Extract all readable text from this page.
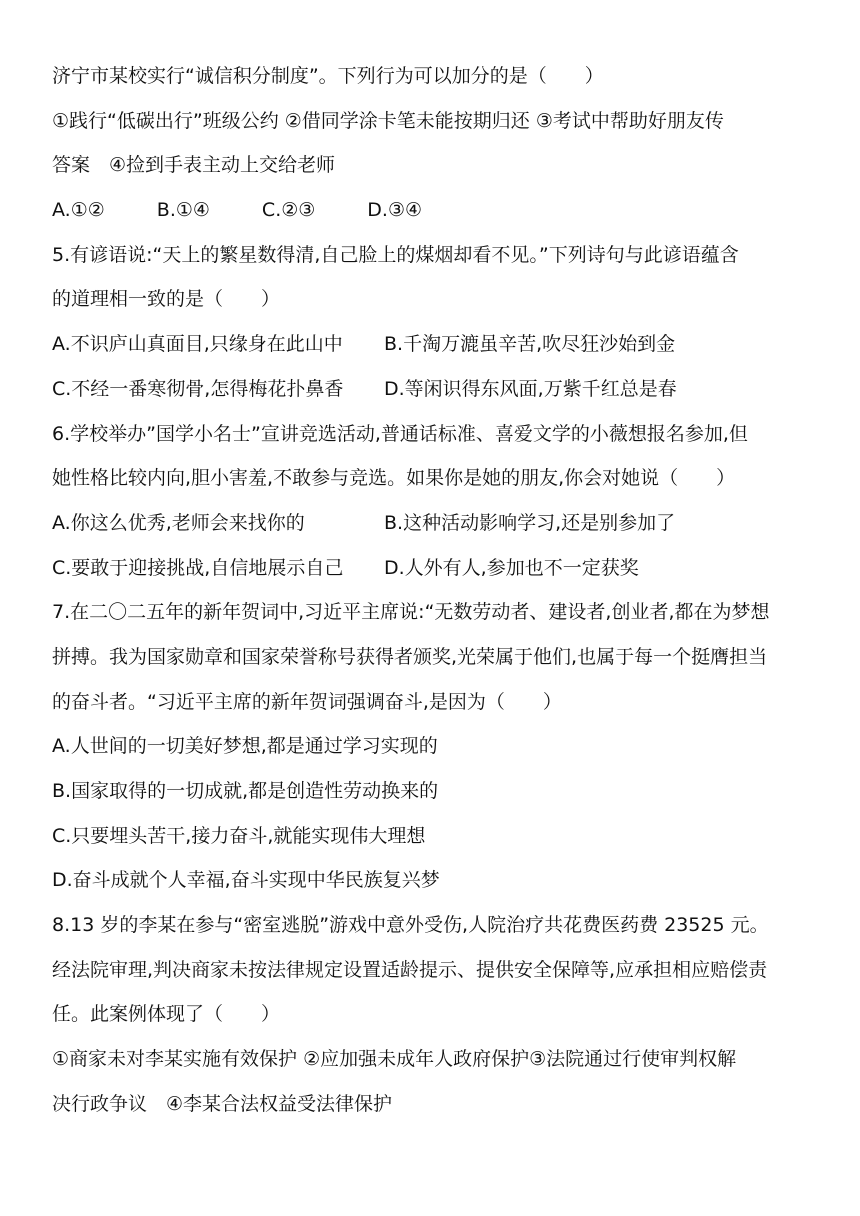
济宁市某校实行“诚信积分制度”。下列行为可以加分的是（　　）
①践行“低碳出行”班级公约 ②借同学涂卡笔未能按期归还 ③考试中帮助好朋友传
答案　④捡到手表主动上交给老师
A.①②	B.①④	C.②③	D.③④
5.有谚语说:“天上的繁星数得清,自己脸上的煤烟却看不见。”下列诗句与此谚语蕴含
的道理相一致的是（　　）
A.不识庐山真面目,只缘身在此山中	B.千淘万漉虽辛苦,吹尽狂沙始到金
C.不经一番寒彻骨,怎得梅花扑鼻香	D.等闲识得东风面,万紫千红总是春
6.学校举办”国学小名士”宣讲竞选活动,普通话标准、喜爱文学的小薇想报名参加,但
她性格比较内向,胆小害羞,不敢参与竞选。如果你是她的朋友,你会对她说（　　）
A.你这么优秀,老师会来找你的	B.这种活动影响学习,还是别参加了
C.要敢于迎接挑战,自信地展示自己	D.人外有人,参加也不一定获奖
7.在二〇二五年的新年贺词中,习近平主席说:“无数劳动者、建设者,创业者,都在为梦想
拼搏。我为国家勋章和国家荣誉称号获得者颁奖,光荣属于他们,也属于每一个挺膺担当
的奋斗者。“习近平主席的新年贺词强调奋斗,是因为（　　）
A.人世间的一切美好梦想,都是通过学习实现的
B.国家取得的一切成就,都是创造性劳动换来的
C.只要埋头苦干,接力奋斗,就能实现伟大理想
D.奋斗成就个人幸福,奋斗实现中华民族复兴梦
8.13 岁的李某在参与“密室逃脱”游戏中意外受伤,人院治疗共花费医药费 23525 元。
经法院审理,判决商家未按法律规定设置适龄提示、提供安全保障等,应承担相应赔偿责
任。此案例体现了（　　）
①商家未对李某实施有效保护 ②应加强未成年人政府保护③法院通过行使审判权解
决行政争议　④李某合法权益受法律保护
